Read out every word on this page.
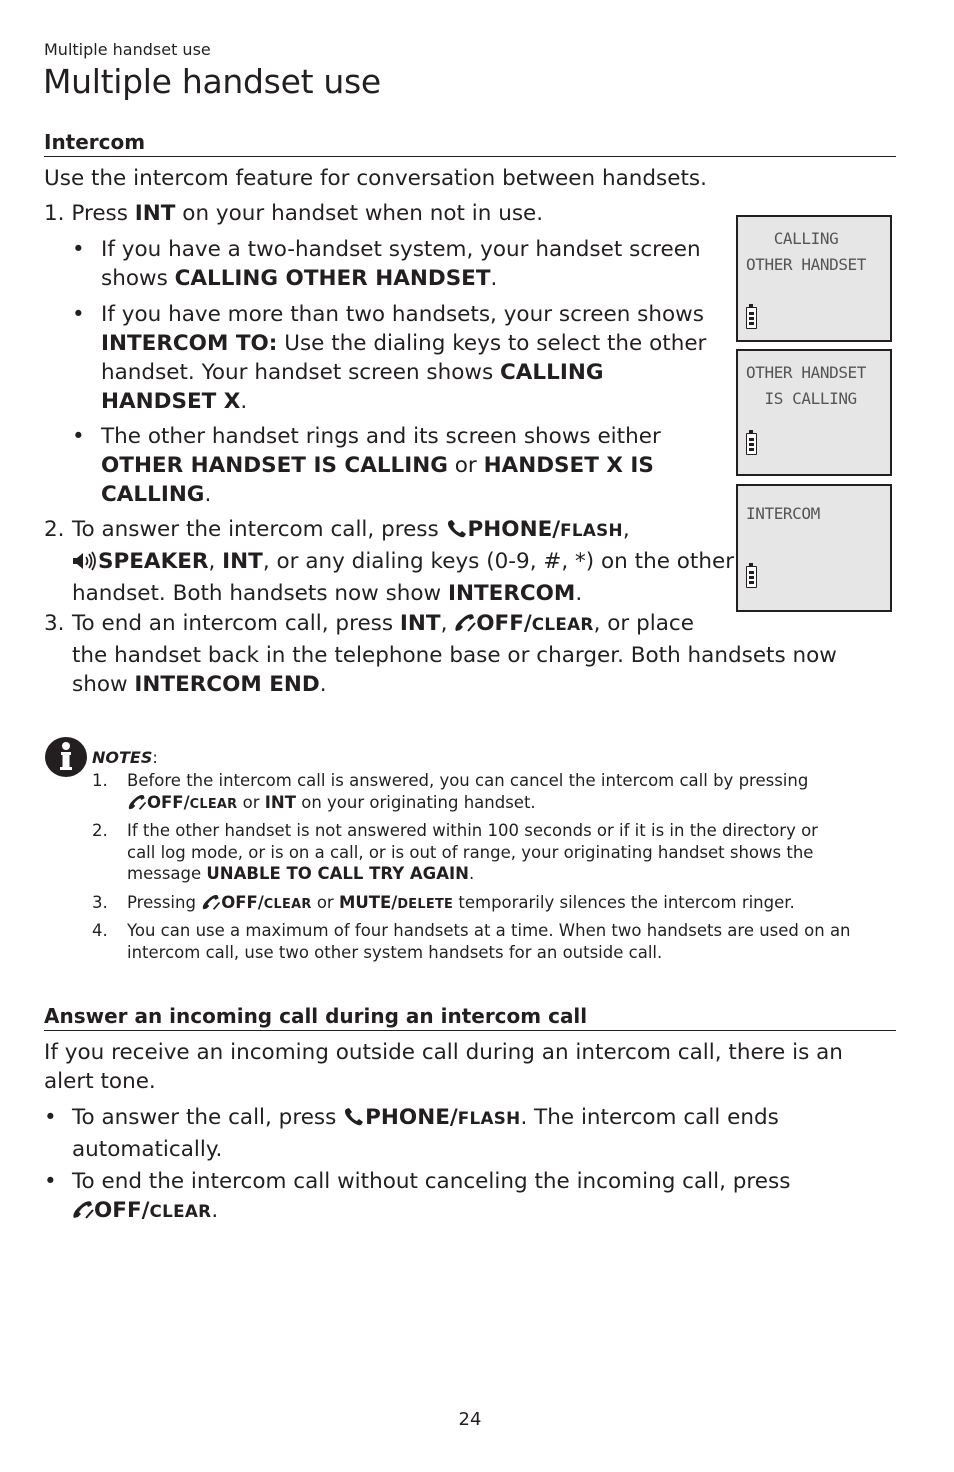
Multiple handset use
Multiple handset use
Intercom
Use the intercom feature for conversation between handsets.
1. Press INT on your handset when not in use.
• If you have a two-handset system, your handset screen
shows CALLING OTHER HANDSET.
• If you have more than two handsets, your screen shows
INTERCOM TO: Use the dialing keys to select the other
handset. Your handset screen shows CALLING
HANDSET X.
• The other handset rings and its screen shows either
OTHER HANDSET IS CALLING or HANDSET X IS
CALLING.
2. To answer the intercom call, press PHONE/FLASH,
SPEAKER, INT, or any dialing keys (0-9, #, *) on the other
handset. Both handsets now show INTERCOM.
3. To end an intercom call, press INT, OFF/CLEAR, or place
the handset back in the telephone base or charger. Both handsets now
show INTERCOM END.
CALLING
OTHER HANDSET
OTHER HANDSET
IS CALLING
INTERCOM
NOTES:
1. Before the intercom call is answered, you can cancel the intercom call by pressing
OFF/CLEAR or INT on your originating handset.
2. If the other handset is not answered within 100 seconds or if it is in the directory or
call log mode, or is on a call, or is out of range, your originating handset shows the
message UNABLE TO CALL TRY AGAIN.
3. Pressing OFF/CLEAR or MUTE/DELETE temporarily silences the intercom ringer.
4. You can use a maximum of four handsets at a time. When two handsets are used on an
intercom call, use two other system handsets for an outside call.
Answer an incoming call during an intercom call
If you receive an incoming outside call during an intercom call, there is an
alert tone.
• To answer the call, press PHONE/FLASH. The intercom call ends
automatically.
• To end the intercom call without canceling the incoming call, press
OFF/CLEAR.
24
